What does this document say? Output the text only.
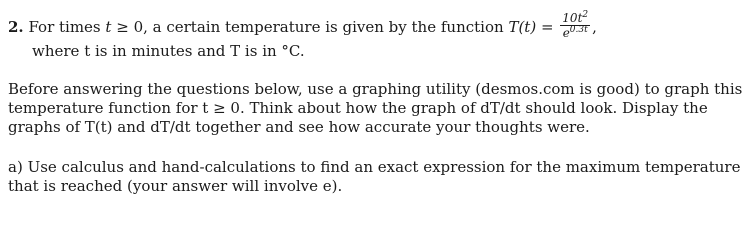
2. For times t ≥ 0, a certain temperature is given by the function $T(t) = \frac{10t^2}{e^{0.3t}}$ ,
where t is in minutes and T is in °C.
Before answering the questions below, use a graphing utility (desmos.com is good) to graph this
temperature function for t ≥ 0. Think about how the graph of dT/dt should look. Display the
graphs of T(t) and dT/dt together and see how accurate your thoughts were.
a) Use calculus and hand-calculations to find an exact expression for the maximum temperature
that is reached (your answer will involve e).
